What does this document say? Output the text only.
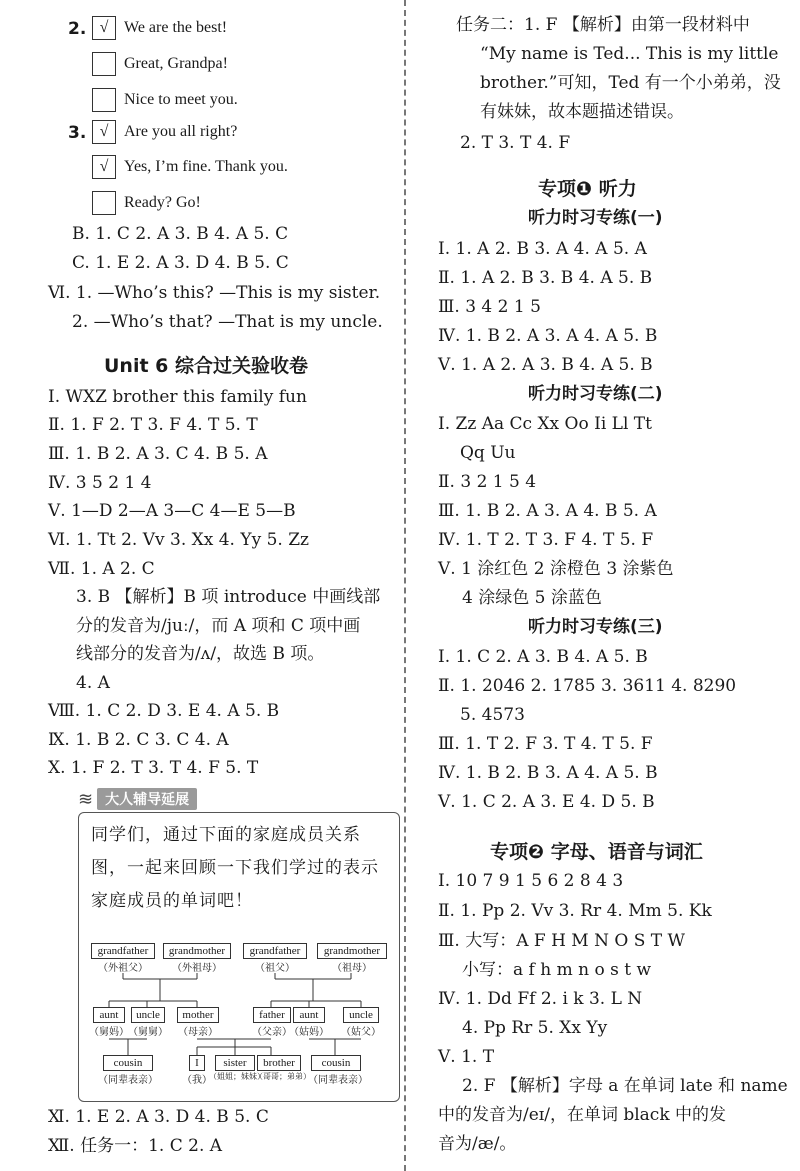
2. √ We are the best!
Great, Grandpa!
Nice to meet you.
3. √ Are you all right?
√ Yes, I’m fine. Thank you.
Ready? Go!
B. 1. C 2. A 3. B 4. A 5. C
C. 1. E 2. A 3. D 4. B 5. C
Ⅵ. 1. —Who’s this? —This is my sister.
2. —Who’s that? —That is my uncle.
Unit 6 综合过关验收卷
Ⅰ. WXZ brother this family fun
Ⅱ. 1. F 2. T 3. F 4. T 5. T
Ⅲ. 1. B 2. A 3. C 4. B 5. A
Ⅳ. 3 5 2 1 4
Ⅴ. 1—D 2—A 3—C 4—E 5—B
Ⅵ. 1. Tt 2. Vv 3. Xx 4. Yy 5. Zz
Ⅶ. 1. A 2. C
3. B 【解析】B 项 introduce 中画线部
分的发音为/juː/，而 A 项和 C 项中画
线部分的发音为/ʌ/，故选 B 项。
4. A
Ⅷ. 1. C 2. D 3. E 4. A 5. B
Ⅸ. 1. B 2. C 3. C 4. A
Ⅹ. 1. F 2. T 3. T 4. F 5. T
≋ 大人辅导延展
同学们，通过下面的家庭成员关系图，一起来回顾一下我们学过的表示家庭成员的单词吧！
grandfather
（外祖父）
grandmother
（外祖母）
grandfather
（祖父）
grandmother
（祖母）
aunt
（舅妈）
uncle
（舅舅）
mother
（母亲）
father
（父亲）
aunt
（姑妈）
uncle
（姑父）
cousin
（同辈表亲）
I
（我）
sister
（姐姐；妹妹）
brother
（哥哥；弟弟）
cousin
（同辈表亲）
Ⅺ. 1. E 2. A 3. D 4. B 5. C
Ⅻ. 任务一：1. C 2. A
任务二：1. F 【解析】由第一段材料中
“My name is Ted... This is my little
brother.”可知，Ted 有一个小弟弟，没
有妹妹，故本题描述错误。
2. T 3. T 4. F
专项❶ 听力
听力时习专练(一)
Ⅰ. 1. A 2. B 3. A 4. A 5. A
Ⅱ. 1. A 2. B 3. B 4. A 5. B
Ⅲ. 3 4 2 1 5
Ⅳ. 1. B 2. A 3. A 4. A 5. B
Ⅴ. 1. A 2. A 3. B 4. A 5. B
听力时习专练(二)
Ⅰ. Zz Aa Cc Xx Oo Ii Ll Tt
Qq Uu
Ⅱ. 3 2 1 5 4
Ⅲ. 1. B 2. A 3. A 4. B 5. A
Ⅳ. 1. T 2. T 3. F 4. T 5. F
Ⅴ. 1 涂红色 2 涂橙色 3 涂紫色
4 涂绿色 5 涂蓝色
听力时习专练(三)
Ⅰ. 1. C 2. A 3. B 4. A 5. B
Ⅱ. 1. 2046 2. 1785 3. 3611 4. 8290
5. 4573
Ⅲ. 1. T 2. F 3. T 4. T 5. F
Ⅳ. 1. B 2. B 3. A 4. A 5. B
Ⅴ. 1. C 2. A 3. E 4. D 5. B
专项❷ 字母、语音与词汇
Ⅰ. 10 7 9 1 5 6 2 8 4 3
Ⅱ. 1. Pp 2. Vv 3. Rr 4. Mm 5. Kk
Ⅲ. 大写：A F H M N O S T W
小写：a f h m n o s t w
Ⅳ. 1. Dd Ff 2. i k 3. L N
4. Pp Rr 5. Xx Yy
Ⅴ. 1. T
2. F 【解析】字母 a 在单词 late 和 name
中的发音为/eɪ/，在单词 black 中的发
音为/æ/。
